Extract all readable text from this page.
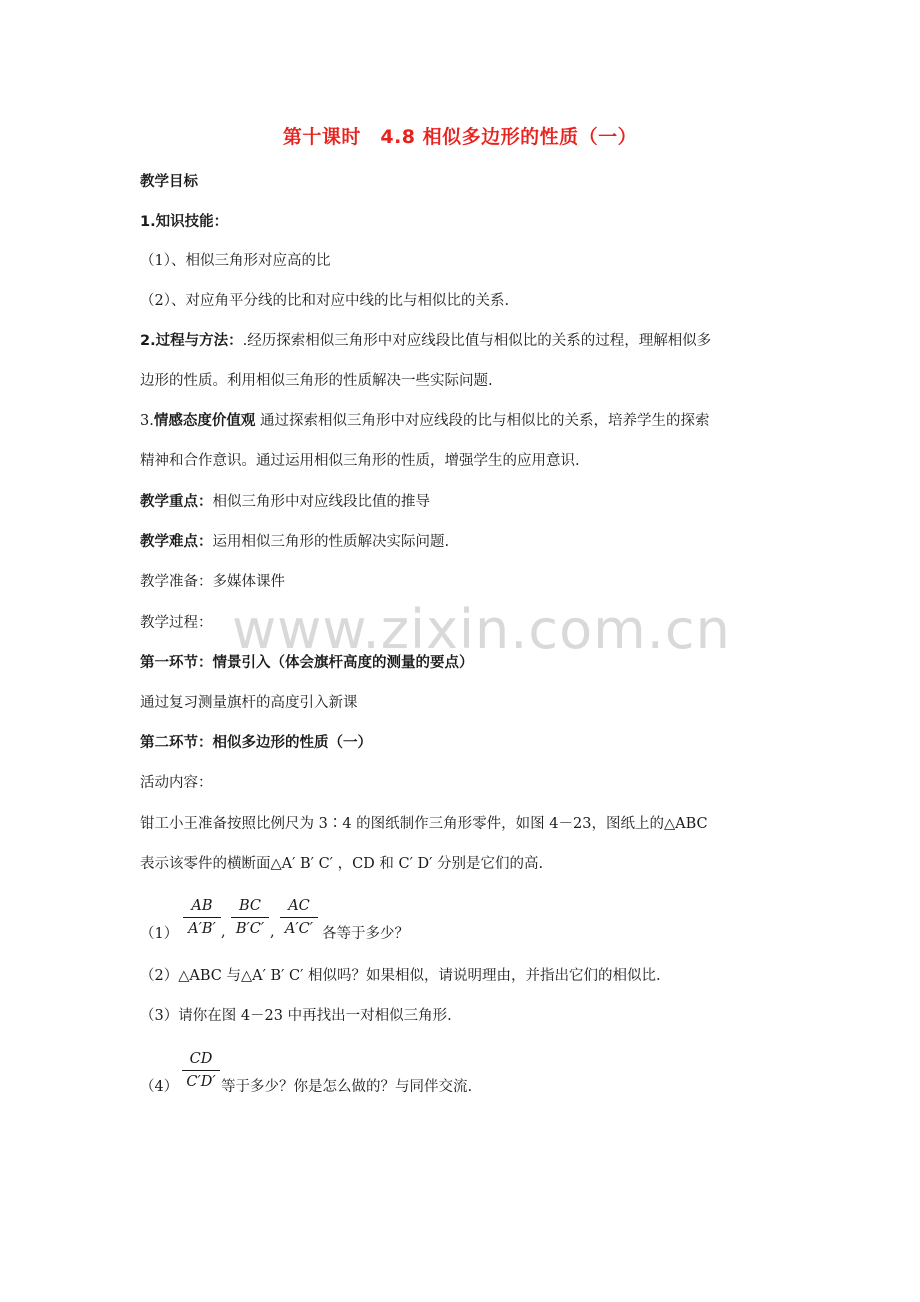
www.zixin.com.cn
第十课时　4.8 相似多边形的性质（一）
教学目标
1.知识技能：
（1）、相似三角形对应高的比
（2）、对应角平分线的比和对应中线的比与相似比的关系.
2.过程与方法：.经历探索相似三角形中对应线段比值与相似比的关系的过程，理解相似多
边形的性质。利用相似三角形的性质解决一些实际问题.
3.情感态度价值观 通过探索相似三角形中对应线段的比与相似比的关系，培养学生的探索
精神和合作意识。通过运用相似三角形的性质，增强学生的应用意识.
教学重点：相似三角形中对应线段比值的推导
教学难点：运用相似三角形的性质解决实际问题.
教学准备：多媒体课件
教学过程：
第一环节：情景引入（体会旗杆高度的测量的要点）
通过复习测量旗杆的高度引入新课
第二环节：相似多边形的性质（一）
活动内容：
钳工小王准备按照比例尺为 3∶4 的图纸制作三角形零件，如图 4－23，图纸上的△ABC
表示该零件的横断面△A′ B′ C′ ，CD 和 C′ D′ 分别是它们的高.
（1）
AB
A′B′ ,
BC
B′C′ ,
AC
A′C′ 各等于多少？
（2）△ABC 与△A′ B′ C′ 相似吗？如果相似，请说明理由，并指出它们的相似比.
（3）请你在图 4－23 中再找出一对相似三角形.
（4）
CD
C′D′ 等于多少？你是怎么做的？与同伴交流.
